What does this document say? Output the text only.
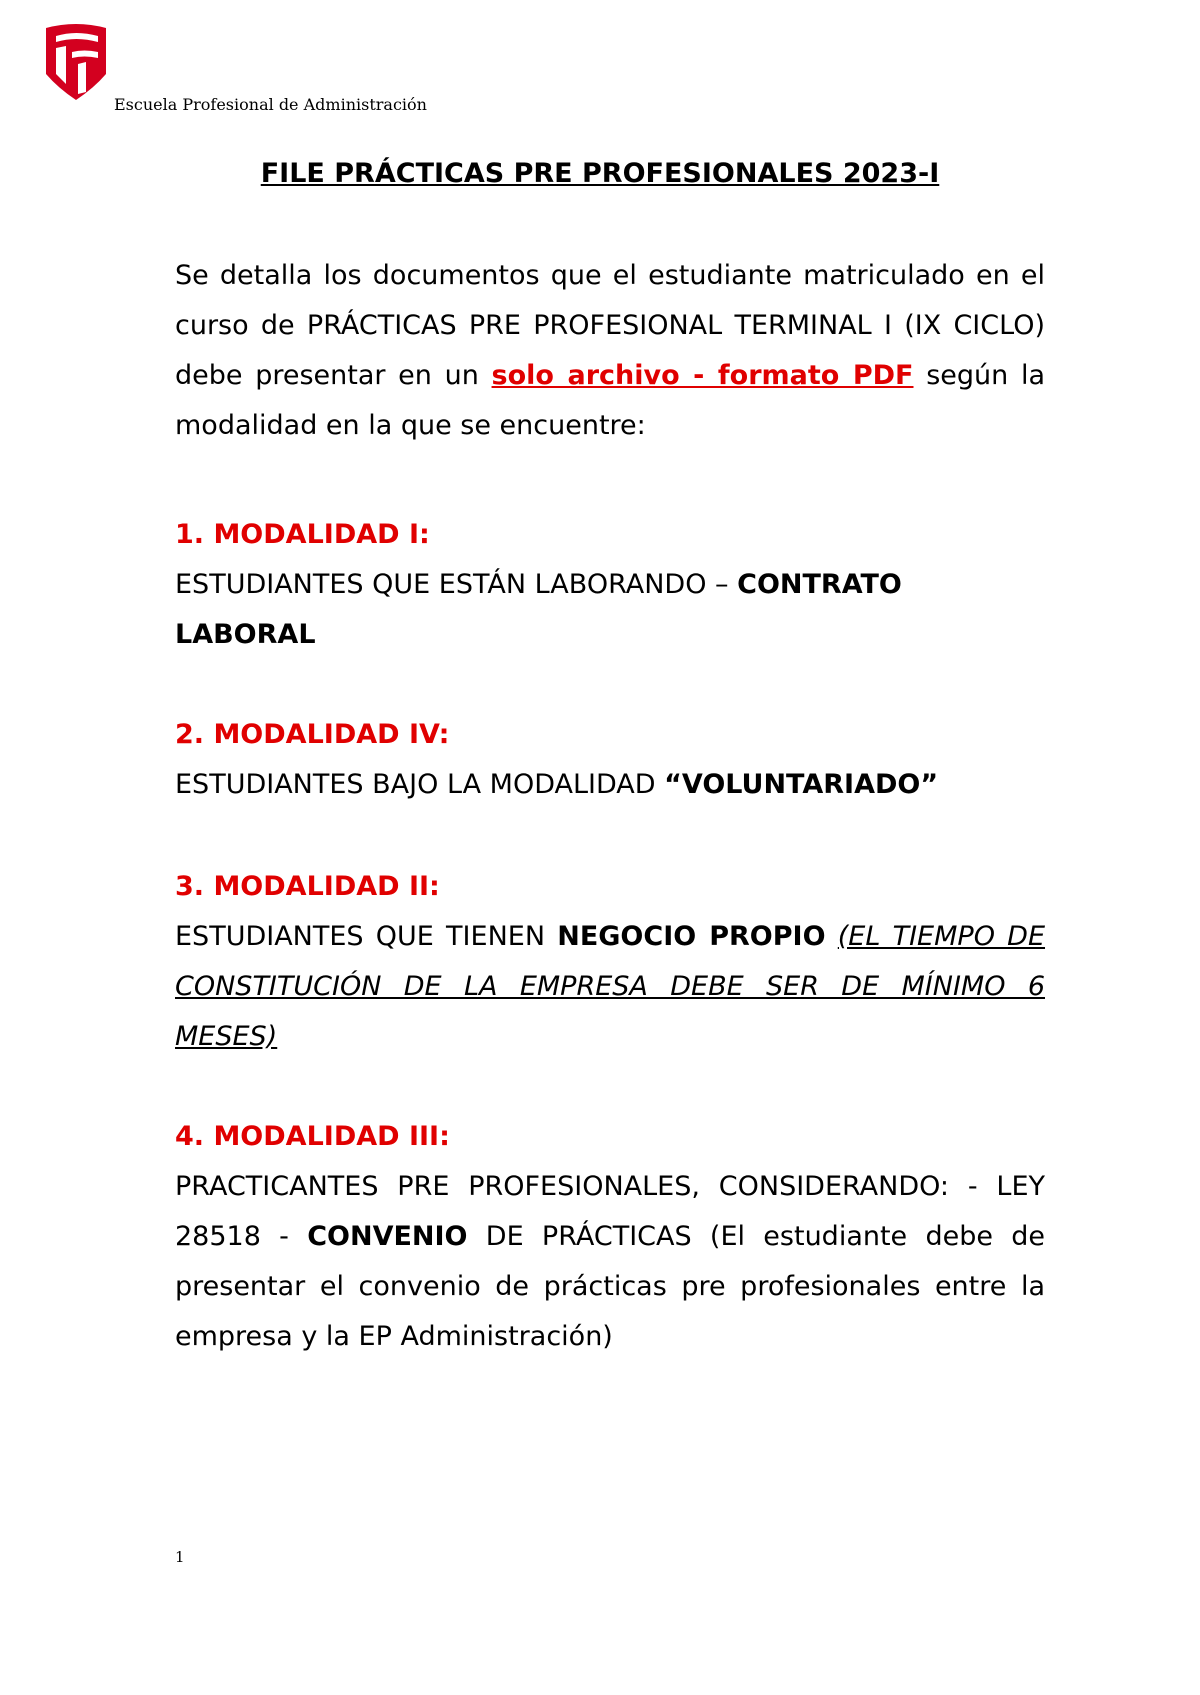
Escuela Profesional de Administración
FILE PRÁCTICAS PRE PROFESIONALES 2023-I
Se detalla los documentos que el estudiante matriculado en el curso de PRÁCTICAS PRE PROFESIONAL TERMINAL I (IX CICLO) debe presentar en un solo archivo - formato PDF según la modalidad en la que se encuentre:
1. MODALIDAD I:
ESTUDIANTES QUE ESTÁN LABORANDO – CONTRATO LABORAL
2. MODALIDAD IV:
ESTUDIANTES BAJO LA MODALIDAD “VOLUNTARIADO”
3. MODALIDAD II:
ESTUDIANTES QUE TIENEN NEGOCIO PROPIO (EL TIEMPO DE CONSTITUCIÓN DE LA EMPRESA DEBE SER DE MÍNIMO 6 MESES)
4. MODALIDAD III:
PRACTICANTES PRE PROFESIONALES, CONSIDERANDO: - LEY 28518 - CONVENIO DE PRÁCTICAS (El estudiante debe de presentar el convenio de prácticas pre profesionales entre la empresa y la EP Administración)
1
